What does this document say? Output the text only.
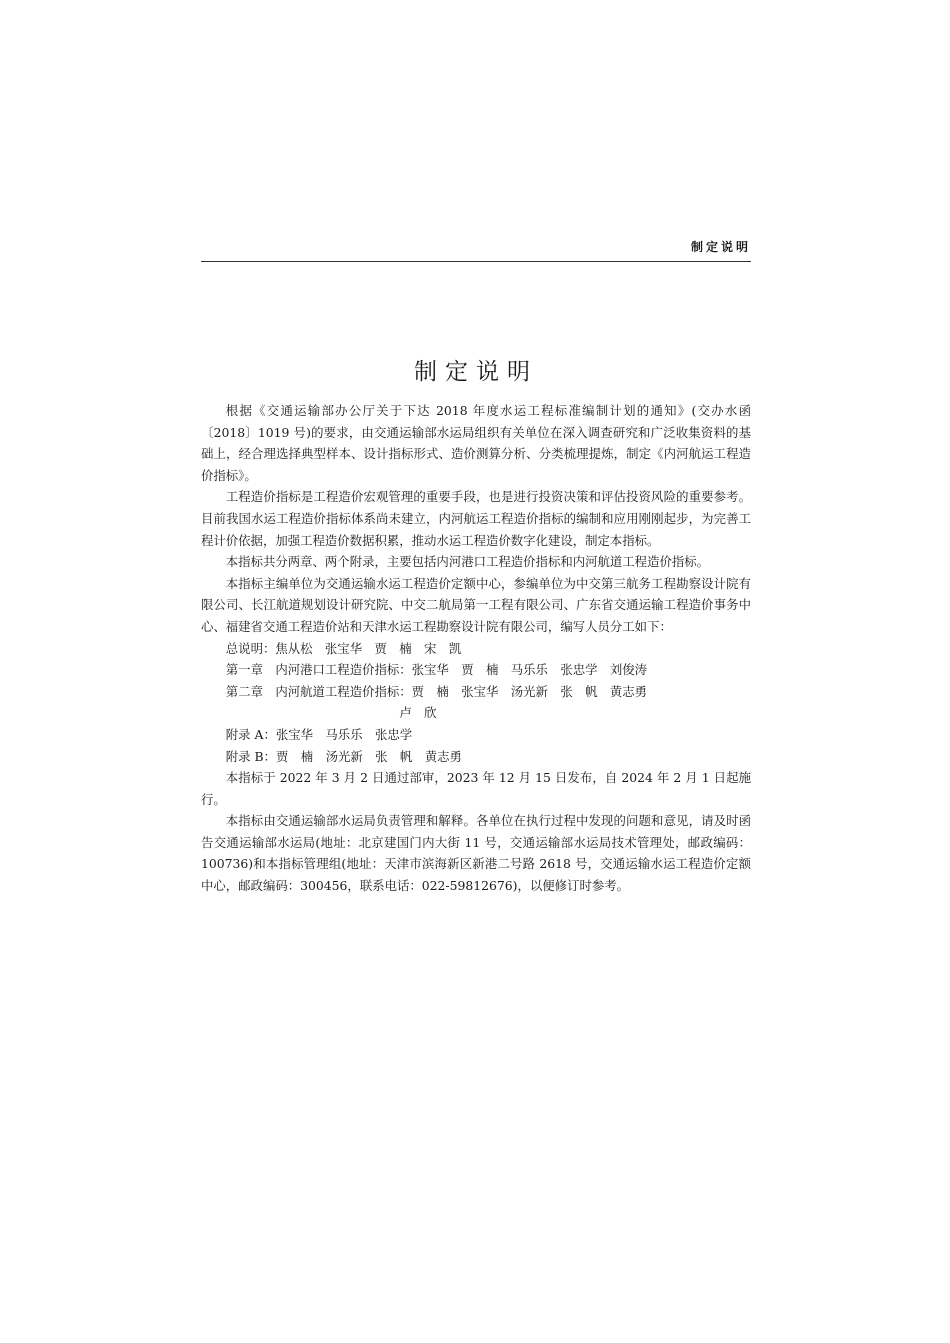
制定说明
制定说明

根据《交通运输部办公厅关于下达 2018 年度水运工程标准编制计划的通知》(交办水函〔2018〕1019 号)的要求，由交通运输部水运局组织有关单位在深入调查研究和广泛收集资料的基础上，经合理选择典型样本、设计指标形式、造价测算分析、分类梳理提炼，制定《内河航运工程造价指标》。

工程造价指标是工程造价宏观管理的重要手段，也是进行投资决策和评估投资风险的重要参考。目前我国水运工程造价指标体系尚未建立，内河航运工程造价指标的编制和应用刚刚起步，为完善工程计价依据，加强工程造价数据积累，推动水运工程造价数字化建设，制定本指标。

本指标共分两章、两个附录，主要包括内河港口工程造价指标和内河航道工程造价指标。

本指标主编单位为交通运输水运工程造价定额中心，参编单位为中交第三航务工程勘察设计院有限公司、长江航道规划设计研究院、中交二航局第一工程有限公司、广东省交通运输工程造价事务中心、福建省交通工程造价站和天津水运工程勘察设计院有限公司，编写人员分工如下：

总说明：焦从松　张宝华　贾　楠　宋　凯

第一章　内河港口工程造价指标：张宝华　贾　楠　马乐乐　张忠学　刘俊涛

第二章　内河航道工程造价指标：贾　楠　张宝华　汤光新　张　帆　黄志勇

卢　欣

附录 A：张宝华　马乐乐　张忠学

附录 B：贾　楠　汤光新　张　帆　黄志勇

本指标于 2022 年 3 月 2 日通过部审，2023 年 12 月 15 日发布，自 2024 年 2 月 1 日起施行。

本指标由交通运输部水运局负责管理和解释。各单位在执行过程中发现的问题和意见，请及时函告交通运输部水运局(地址：北京建国门内大街 11 号，交通运输部水运局技术管理处，邮政编码：100736)和本指标管理组(地址：天津市滨海新区新港二号路 2618 号，交通运输水运工程造价定额中心，邮政编码：300456，联系电话：022-59812676)，以便修订时参考。
